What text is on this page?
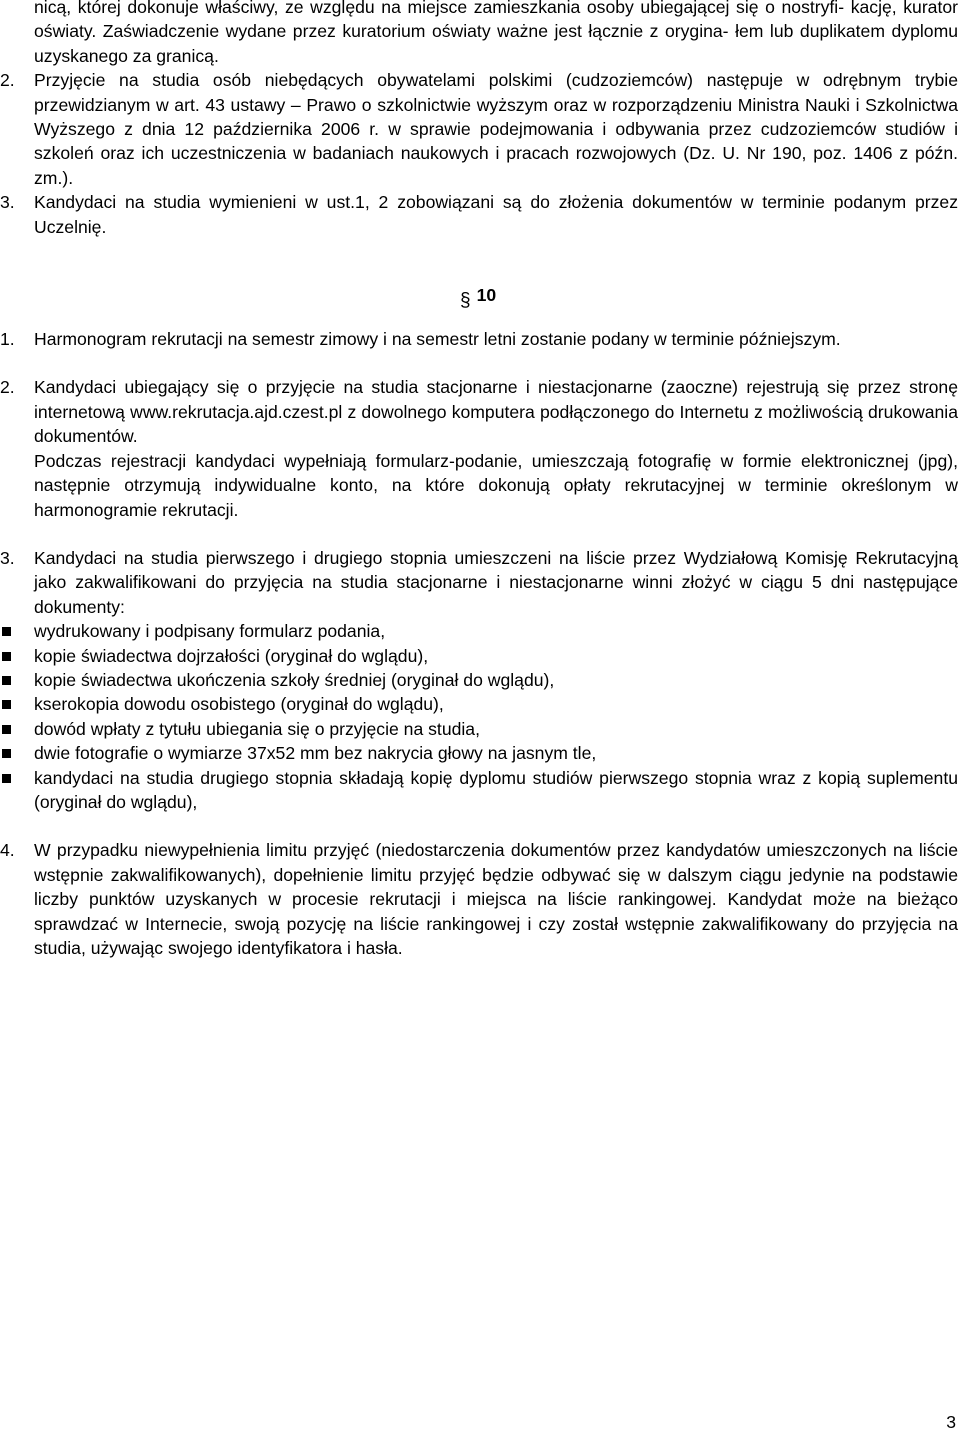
nicą, której dokonuje właściwy, ze względu na miejsce zamieszkania osoby ubiegającej się o nostryfi- kację, kurator oświaty. Zaświadczenie wydane przez kuratorium oświaty ważne jest łącznie z orygina- łem lub duplikatem dyplomu uzyskanego za granicą.

2. Przyjęcie na studia osób niebędących obywatelami polskimi (cudzoziemców) następuje w odrębnym trybie przewidzianym w art. 43 ustawy – Prawo o szkolnictwie wyższym oraz w rozporządzeniu Ministra Nauki i Szkolnictwa Wyższego z dnia 12 października 2006 r. w sprawie podejmowania i odbywania przez cudzoziemców studiów i szkoleń oraz ich uczestniczenia w badaniach naukowych i pracach rozwojowych (Dz. U. Nr 190, poz. 1406 z późn. zm.).

3. Kandydaci na studia wymienieni w ust.1, 2 zobowiązani są do złożenia dokumentów w terminie podanym przez Uczelnię.

§ 10
1. Harmonogram rekrutacji na semestr zimowy i na semestr letni zostanie podany w terminie późniejszym.

2. Kandydaci ubiegający się o przyjęcie na studia stacjonarne i niestacjonarne (zaoczne) rejestrują się przez stronę internetową www.rekrutacja.ajd.czest.pl z dowolnego komputera podłączonego do Internetu z możliwością drukowania dokumentów.

Podczas rejestracji kandydaci wypełniają formularz-podanie, umieszczają fotografię w formie elektronicznej (jpg), następnie otrzymują indywidualne konto, na które dokonują opłaty rekrutacyjnej w terminie określonym w harmonogramie rekrutacji.

3. Kandydaci na studia pierwszego i drugiego stopnia umieszczeni na liście przez Wydziałową Komisję Rekrutacyjną jako zakwalifikowani do przyjęcia na studia stacjonarne i niestacjonarne winni złożyć w ciągu 5 dni następujące dokumenty:

wydrukowany i podpisany formularz podania,
kopie świadectwa dojrzałości (oryginał do wglądu),
kopie świadectwa ukończenia szkoły średniej (oryginał do wglądu),
kserokopia dowodu osobistego (oryginał do wglądu),
dowód wpłaty z tytułu ubiegania się o przyjęcie na studia,
dwie fotografie o wymiarze 37x52 mm bez nakrycia głowy na jasnym tle,
kandydaci na studia drugiego stopnia składają kopię dyplomu studiów pierwszego stopnia wraz z kopią suplementu (oryginał do wglądu),
4. W przypadku niewypełnienia limitu przyjęć (niedostarczenia dokumentów przez kandydatów umieszczonych na liście wstępnie zakwalifikowanych), dopełnienie limitu przyjęć będzie odbywać się w dalszym ciągu jedynie na podstawie liczby punktów uzyskanych w procesie rekrutacji i miejsca na liście rankingowej. Kandydat może na bieżąco sprawdzać w Internecie, swoją pozycję na liście rankingowej i czy został wstępnie zakwalifikowany do przyjęcia na studia, używając swojego identyfikatora i hasła.

3
